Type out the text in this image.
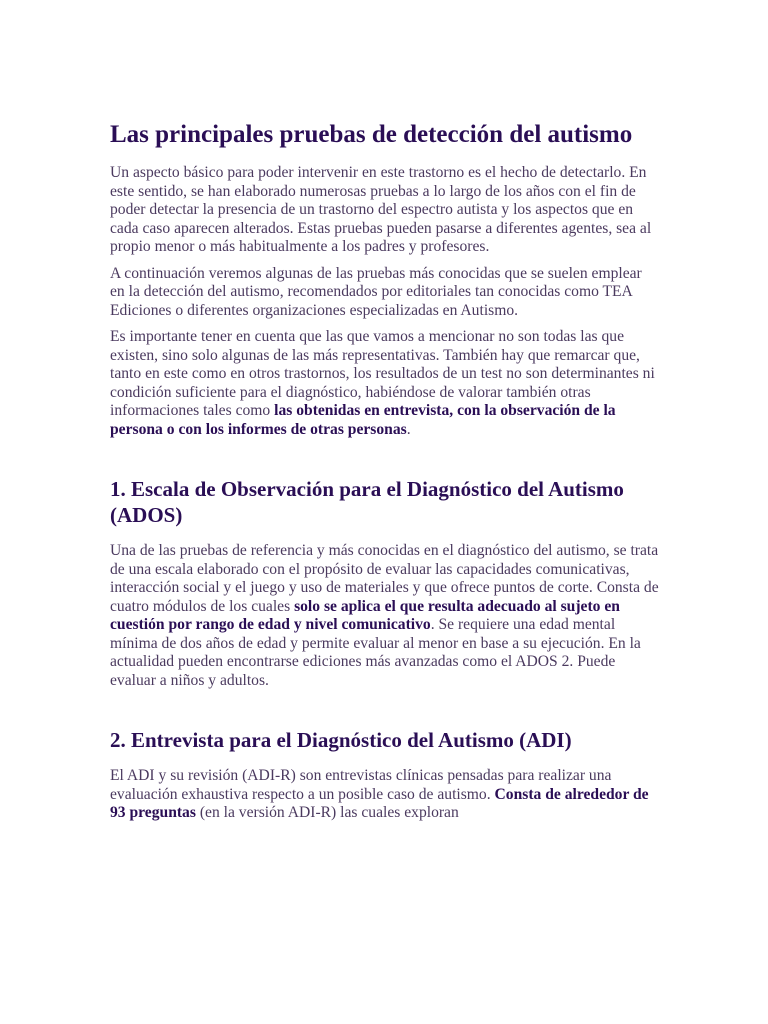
Las principales pruebas de detección del autismo

Un aspecto básico para poder intervenir en este trastorno es el hecho de detectarlo. En este sentido, se han elaborado numerosas pruebas a lo largo de los años con el fin de poder detectar la presencia de un trastorno del espectro autista y los aspectos que en cada caso aparecen alterados. Estas pruebas pueden pasarse a diferentes agentes, sea al propio menor o más habitualmente a los padres y profesores.

A continuación veremos algunas de las pruebas más conocidas que se suelen emplear en la detección del autismo, recomendados por editoriales tan conocidas como TEA Ediciones o diferentes organizaciones especializadas en Autismo.

Es importante tener en cuenta que las que vamos a mencionar no son todas las que existen, sino solo algunas de las más representativas. También hay que remarcar que, tanto en este como en otros trastornos, los resultados de un test no son determinantes ni condición suficiente para el diagnóstico, habiéndose de valorar también otras informaciones tales como las obtenidas en entrevista, con la observación de la persona o con los informes de otras personas.

1. Escala de Observación para el Diagnóstico del Autismo (ADOS)

Una de las pruebas de referencia y más conocidas en el diagnóstico del autismo, se trata de una escala elaborado con el propósito de evaluar las capacidades comunicativas, interacción social y el juego y uso de materiales y que ofrece puntos de corte. Consta de cuatro módulos de los cuales solo se aplica el que resulta adecuado al sujeto en cuestión por rango de edad y nivel comunicativo. Se requiere una edad mental mínima de dos años de edad y permite evaluar al menor en base a su ejecución. En la actualidad pueden encontrarse ediciones más avanzadas como el ADOS 2. Puede evaluar a niños y adultos.

2. Entrevista para el Diagnóstico del Autismo (ADI)

El ADI y su revisión (ADI-R) son entrevistas clínicas pensadas para realizar una evaluación exhaustiva respecto a un posible caso de autismo. Consta de alrededor de 93 preguntas (en la versión ADI-R) las cuales exploran
